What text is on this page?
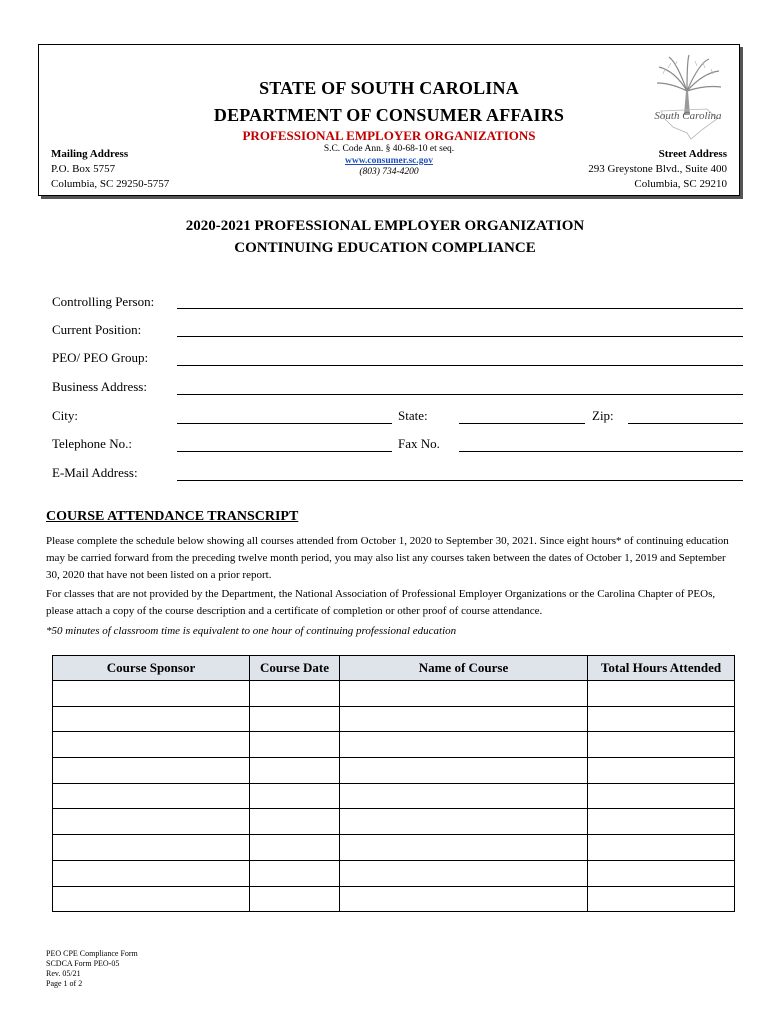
STATE OF SOUTH CAROLINA
DEPARTMENT OF CONSUMER AFFAIRS
PROFESSIONAL EMPLOYER ORGANIZATIONS
S.C. Code Ann. § 40-68-10 et seq.
www.consumer.sc.gov
(803) 734-4200
Mailing Address
P.O. Box 5757
Columbia, SC 29250-5757
Street Address
293 Greystone Blvd., Suite 400
Columbia, SC 29210
South Carolina
2020-2021 PROFESSIONAL EMPLOYER ORGANIZATION
CONTINUING EDUCATION COMPLIANCE
Controlling Person:
Current Position:
PEO/ PEO Group:
Business Address:
City:	State:	Zip:
Telephone No.:	Fax No.
E-Mail Address:
COURSE ATTENDANCE TRANSCRIPT
Please complete the schedule below showing all courses attended from October 1, 2020 to September 30, 2021. Since eight hours* of continuing education may be carried forward from the preceding twelve month period, you may also list any courses taken between the dates of October 1, 2019 and September 30, 2020 that have not been listed on a prior report.
For classes that are not provided by the Department, the National Association of Professional Employer Organizations or the Carolina Chapter of PEOs, please attach a copy of the course description and a certificate of completion or other proof of course attendance.
*50 minutes of classroom time is equivalent to one hour of continuing professional education
Course Sponsor	Course Date	Name of Course	Total Hours Attended

PEO CPE Compliance Form
SCDCA Form PEO-05
Rev. 05/21
Page 1 of 2
